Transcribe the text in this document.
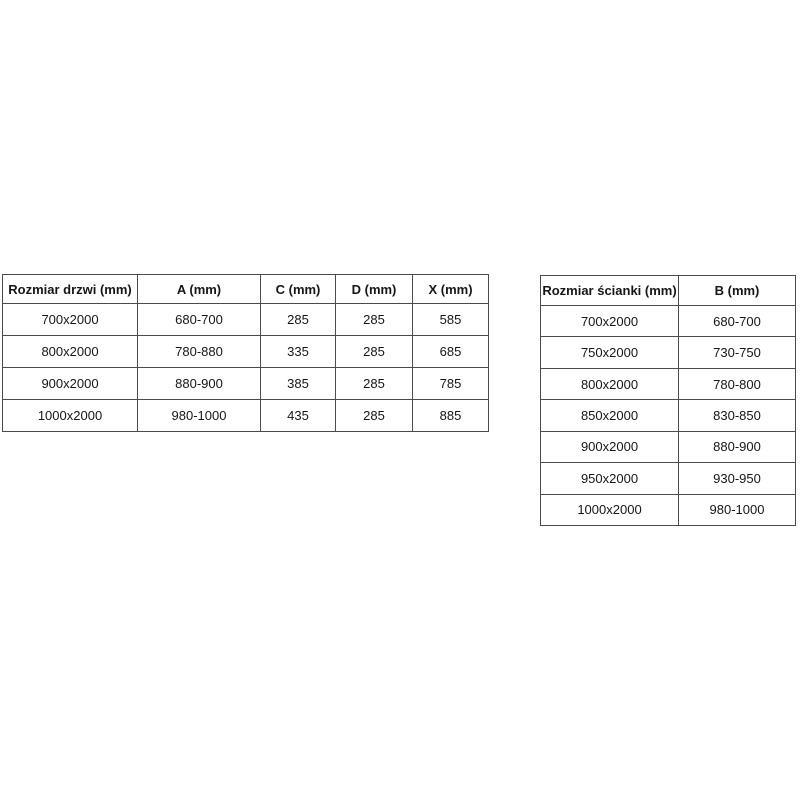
Rozmiar drzwi (mm)	A (mm)	C (mm)	D (mm)	X (mm)
700x2000	680-700	285	285	585
800x2000	780-880	335	285	685
900x2000	880-900	385	285	785
1000x2000	980-1000	435	285	885
Rozmiar ścianki (mm)	B (mm)
700x2000	680-700
750x2000	730-750
800x2000	780-800
850x2000	830-850
900x2000	880-900
950x2000	930-950
1000x2000	980-1000
